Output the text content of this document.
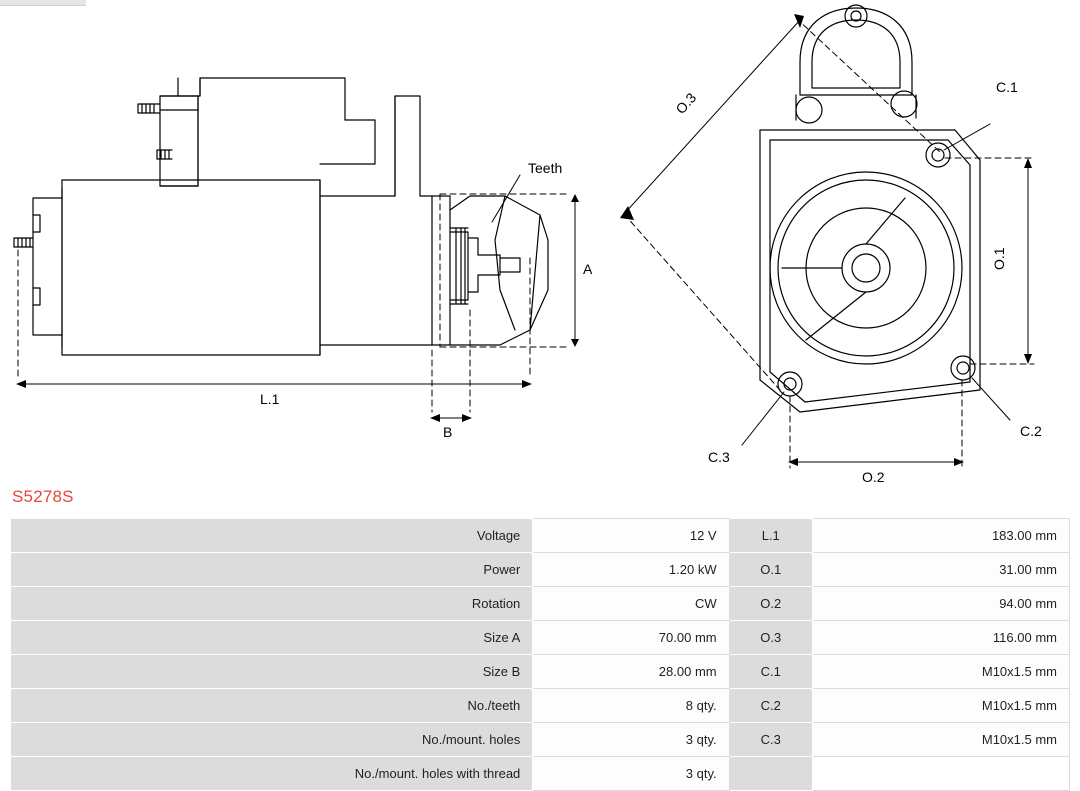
Teeth
L.1
A
B
O.3
O.1
O.2
C.1
C.2
C.3
S5278S
Voltage	12 V	L.1	183.00 mm
Power	1.20 kW	O.1	31.00 mm
Rotation	CW	O.2	94.00 mm
Size A	70.00 mm	O.3	116.00 mm
Size B	28.00 mm	C.1	M10x1.5 mm
No./teeth	8 qty.	C.2	M10x1.5 mm
No./mount. holes	3 qty.	C.3	M10x1.5 mm
No./mount. holes with thread	3 qty.		
